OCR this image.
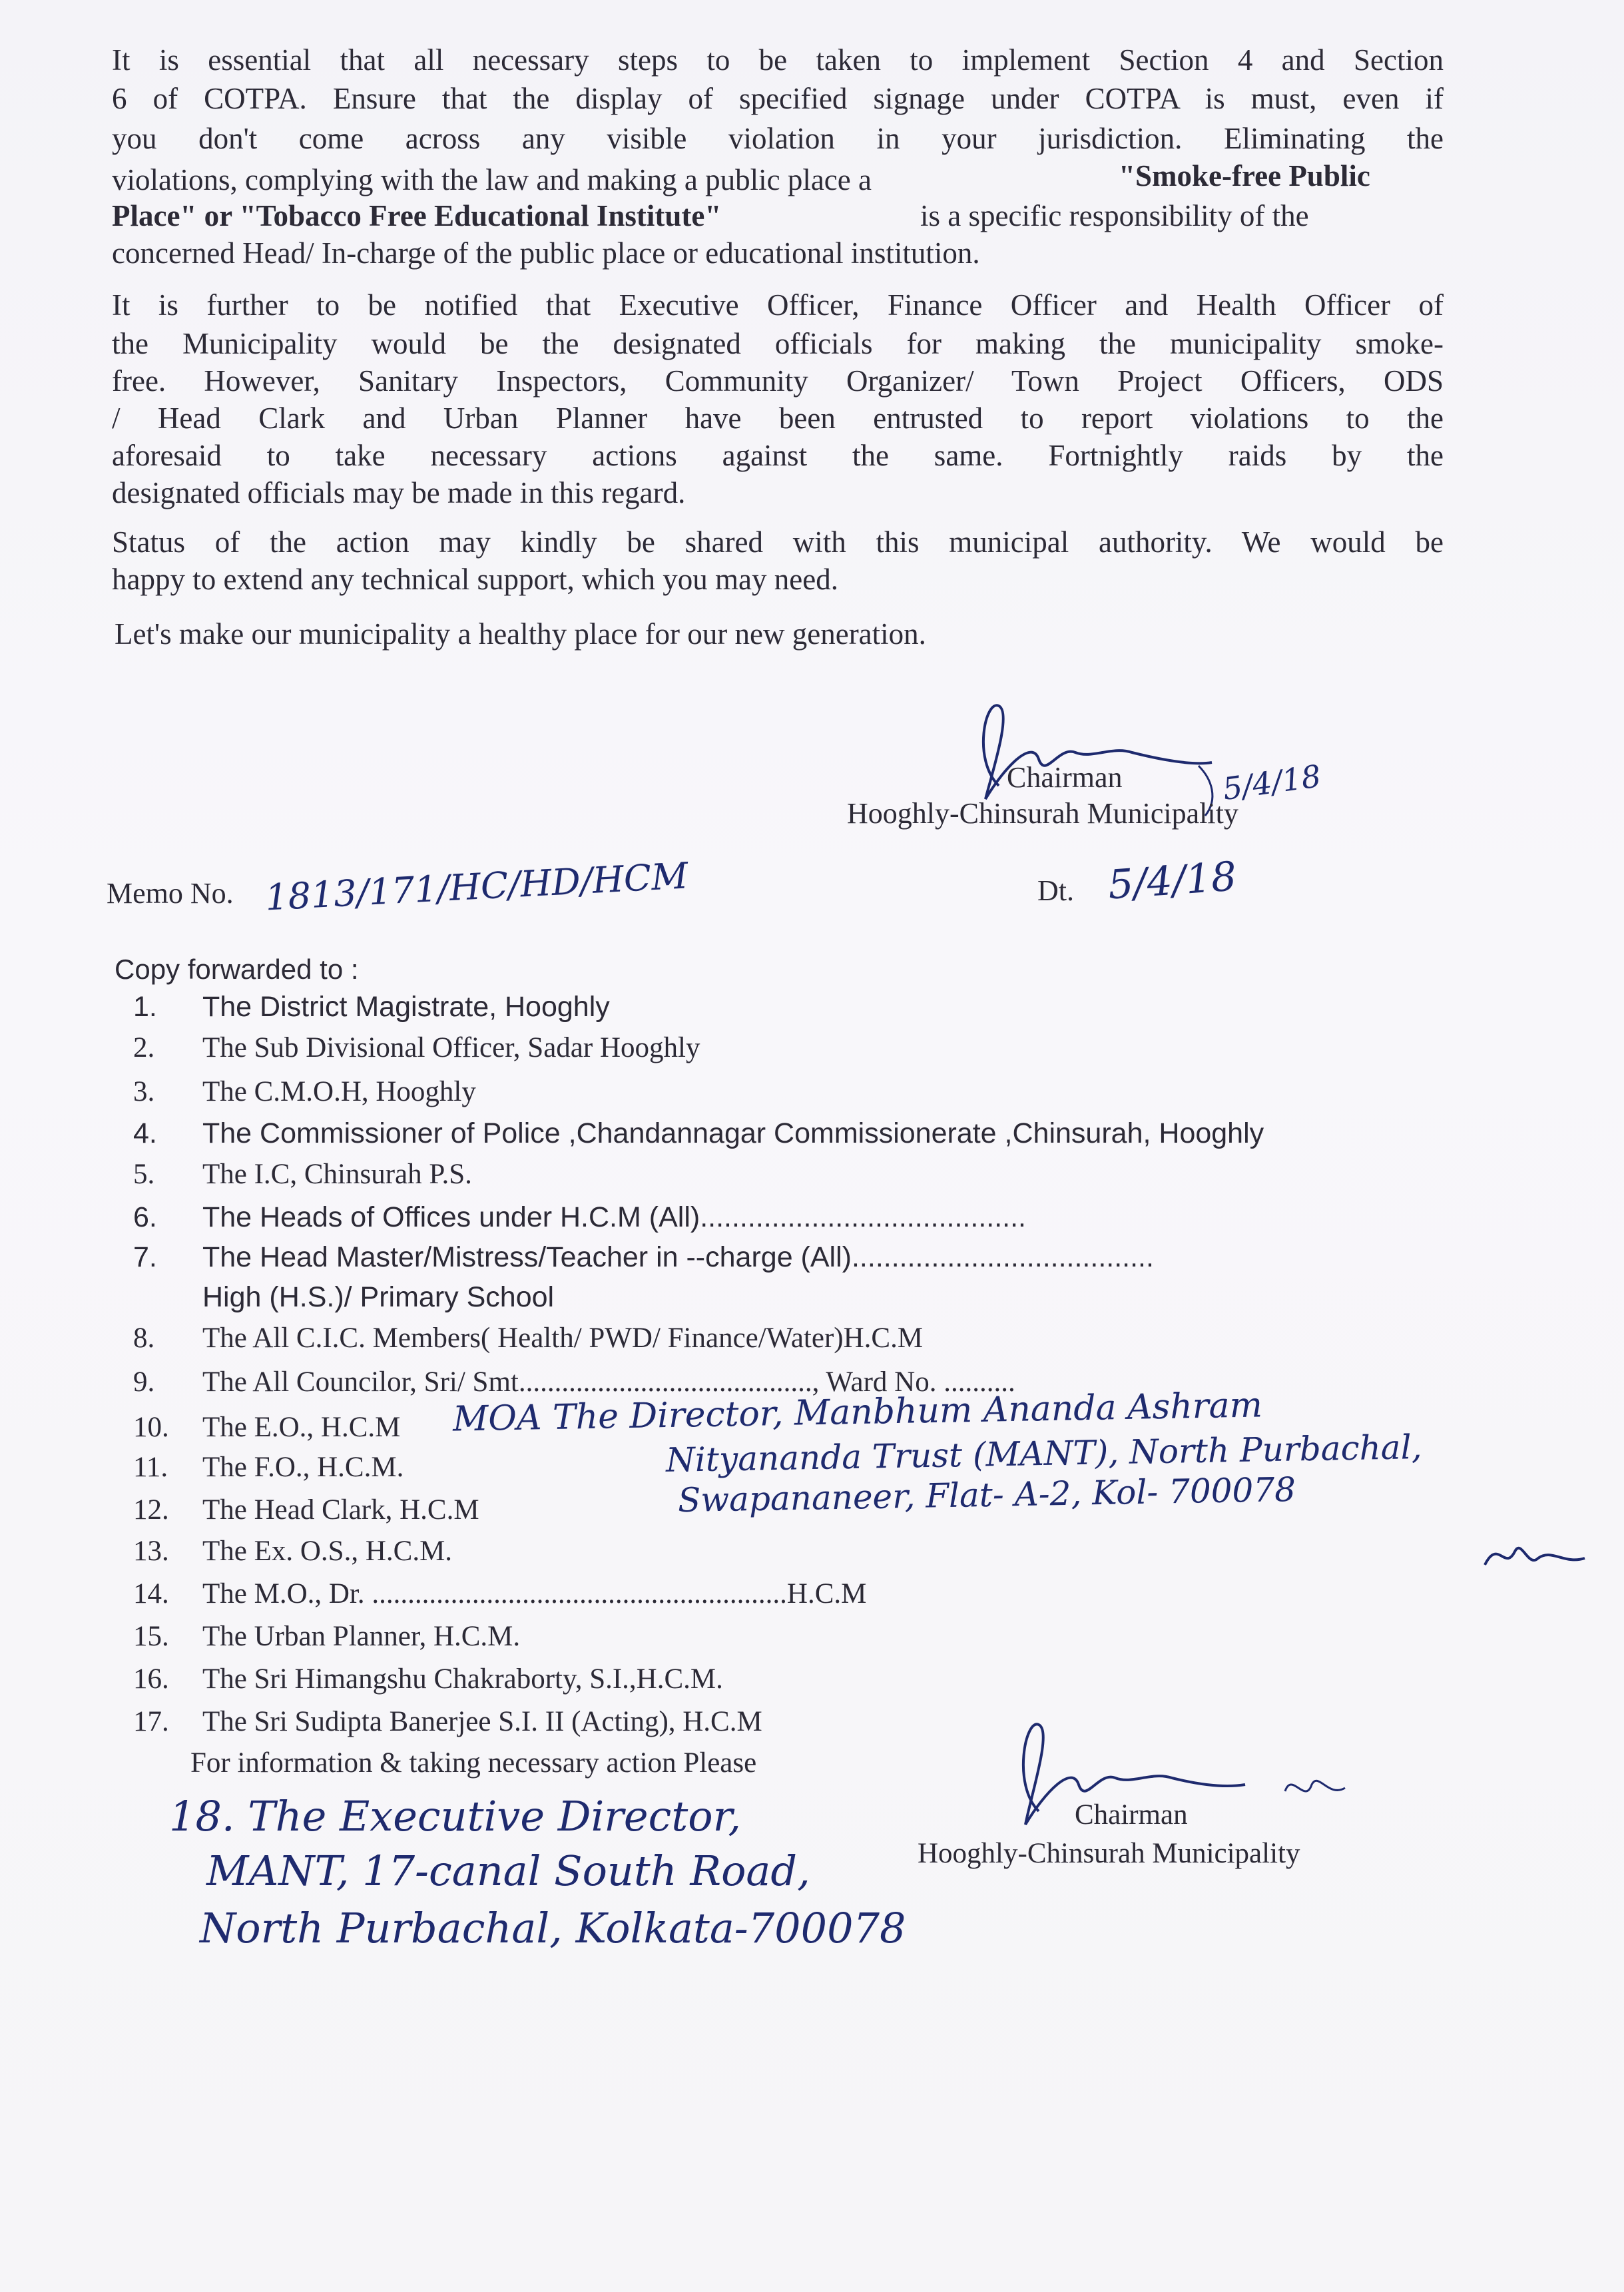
It is essential that all necessary steps to be taken to implement Section 4 and Section
6 of COTPA. Ensure that the display of specified signage under COTPA is must, even if
you don't come across any visible violation in your jurisdiction. Eliminating the
violations, complying with the law and making a public place a	"Smoke-free Public
Place" or "Tobacco Free Educational Institute"	is a specific responsibility of the
concerned Head/ In-charge of the public place or educational institution.
It is further to be notified that Executive Officer, Finance Officer and Health Officer of
the Municipality would be the designated officials for making the municipality smoke-
free. However, Sanitary Inspectors, Community Organizer/ Town Project Officers, ODS
/ Head Clark and Urban Planner have been entrusted to report violations to the
aforesaid to take necessary actions against the same. Fortnightly raids by the
designated officials may be made in this regard.
Status of the action may kindly be shared with this municipal authority. We would be
happy to extend any technical support, which you may need.
Let's make our municipality a healthy place for our new generation.
Chairman
Hooghly-Chinsurah Municipality
5/4/18
Memo No. 1813/171/HC/HD/HCM	Dt. 5/4/18
Copy forwarded to :
1. The District Magistrate, Hooghly
2. The Sub Divisional Officer, Sadar Hooghly
3. The C.M.O.H, Hooghly
4. The Commissioner of Police ,Chandannagar Commissionerate ,Chinsurah, Hooghly
5. The I.C, Chinsurah P.S.
6. The Heads of Offices under H.C.M (All).........................................
7. The Head Master/Mistress/Teacher in --charge (All)......................................
High (H.S.)/ Primary School
8. The All C.I.C. Members( Health/ PWD/ Finance/Water)H.C.M
9. The All Councilor, Sri/ Smt........................................., Ward No. ..........
10. The E.O., H.C.M
11. The F.O., H.C.M.
12. The Head Clark, H.C.M
13. The Ex. O.S., H.C.M.
14. The M.O., Dr. ..........................................................H.C.M
15. The Urban Planner, H.C.M.
16. The Sri Himangshu Chakraborty, S.I.,H.C.M.
17. The Sri Sudipta Banerjee S.I. II (Acting), H.C.M
For information & taking necessary action Please
MOA The Director, Manbhum Ananda Ashram
Nityananda Trust (MANT), North Purbachal,
Swapananeer, Flat- A-2, Kol- 700078
Chairman
Hooghly-Chinsurah Municipality
18. The Executive Director,
MANT, 17-canal South Road,
North Purbachal, Kolkata-700078
